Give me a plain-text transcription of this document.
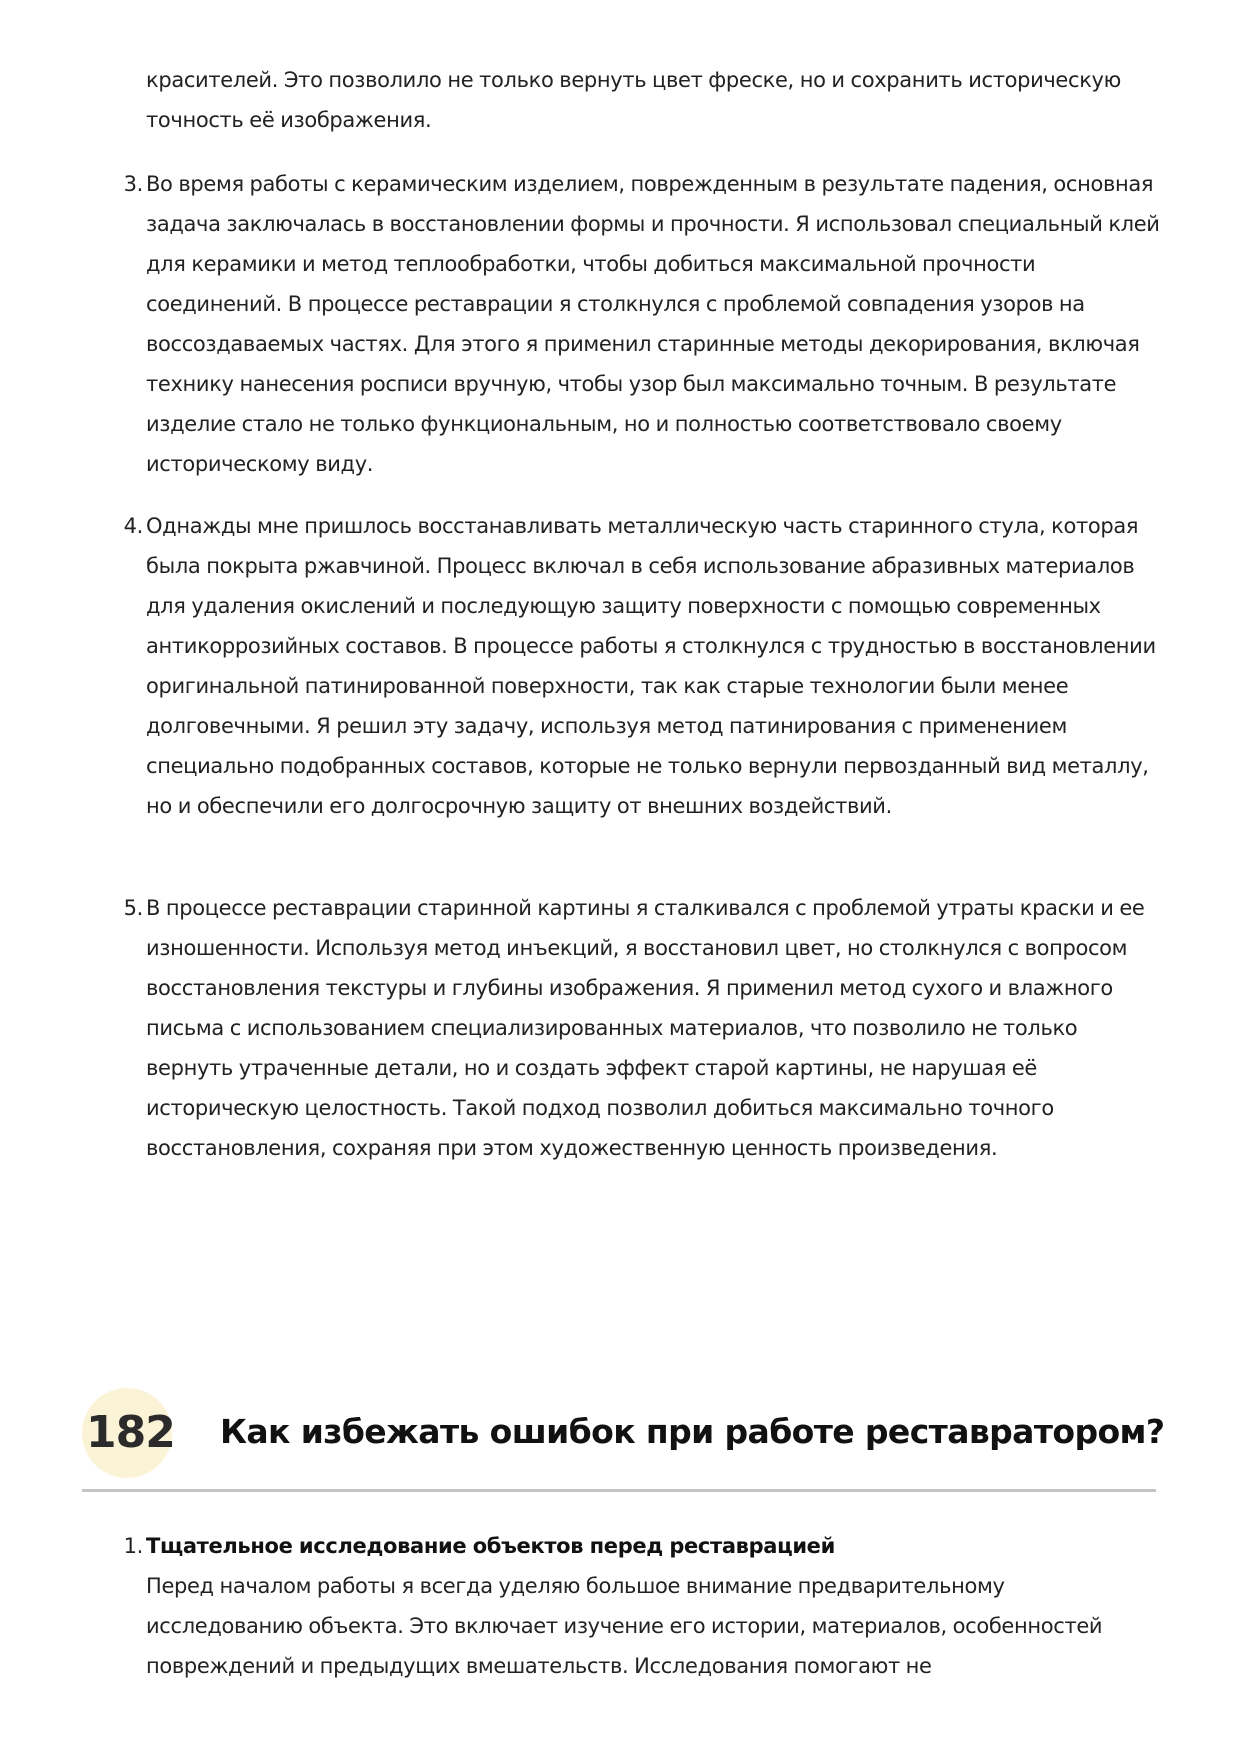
красителей. Это позволило не только вернуть цвет фреске, но и сохранить историческую точность её изображения.
3. Во время работы с керамическим изделием, поврежденным в результате падения, основная задача заключалась в восстановлении формы и прочности. Я использовал специальный клей для керамики и метод теплообработки, чтобы добиться максимальной прочности соединений. В процессе реставрации я столкнулся с проблемой совпадения узоров на воссоздаваемых частях. Для этого я применил старинные методы декорирования, включая технику нанесения росписи вручную, чтобы узор был максимально точным. В результате изделие стало не только функциональным, но и полностью соответствовало своему историческому виду.
4. Однажды мне пришлось восстанавливать металлическую часть старинного стула, которая была покрыта ржавчиной. Процесс включал в себя использование абразивных материалов для удаления окислений и последующую защиту поверхности с помощью современных антикоррозийных составов. В процессе работы я столкнулся с трудностью в восстановлении оригинальной патинированной поверхности, так как старые технологии были менее долговечными. Я решил эту задачу, используя метод патинирования с применением специально подобранных составов, которые не только вернули первозданный вид металлу, но и обеспечили его долгосрочную защиту от внешних воздействий.
5. В процессе реставрации старинной картины я сталкивался с проблемой утраты краски и ее изношенности. Используя метод инъекций, я восстановил цвет, но столкнулся с вопросом восстановления текстуры и глубины изображения. Я применил метод сухого и влажного письма с использованием специализированных материалов, что позволило не только вернуть утраченные детали, но и создать эффект старой картины, не нарушая её историческую целостность. Такой подход позволил добиться максимально точного восстановления, сохраняя при этом художественную ценность произведения.
182 Как избежать ошибок при работе реставратором?
1. Тщательное исследование объектов перед реставрацией
Перед началом работы я всегда уделяю большое внимание предварительному исследованию объекта. Это включает изучение его истории, материалов, особенностей повреждений и предыдущих вмешательств. Исследования помогают не
